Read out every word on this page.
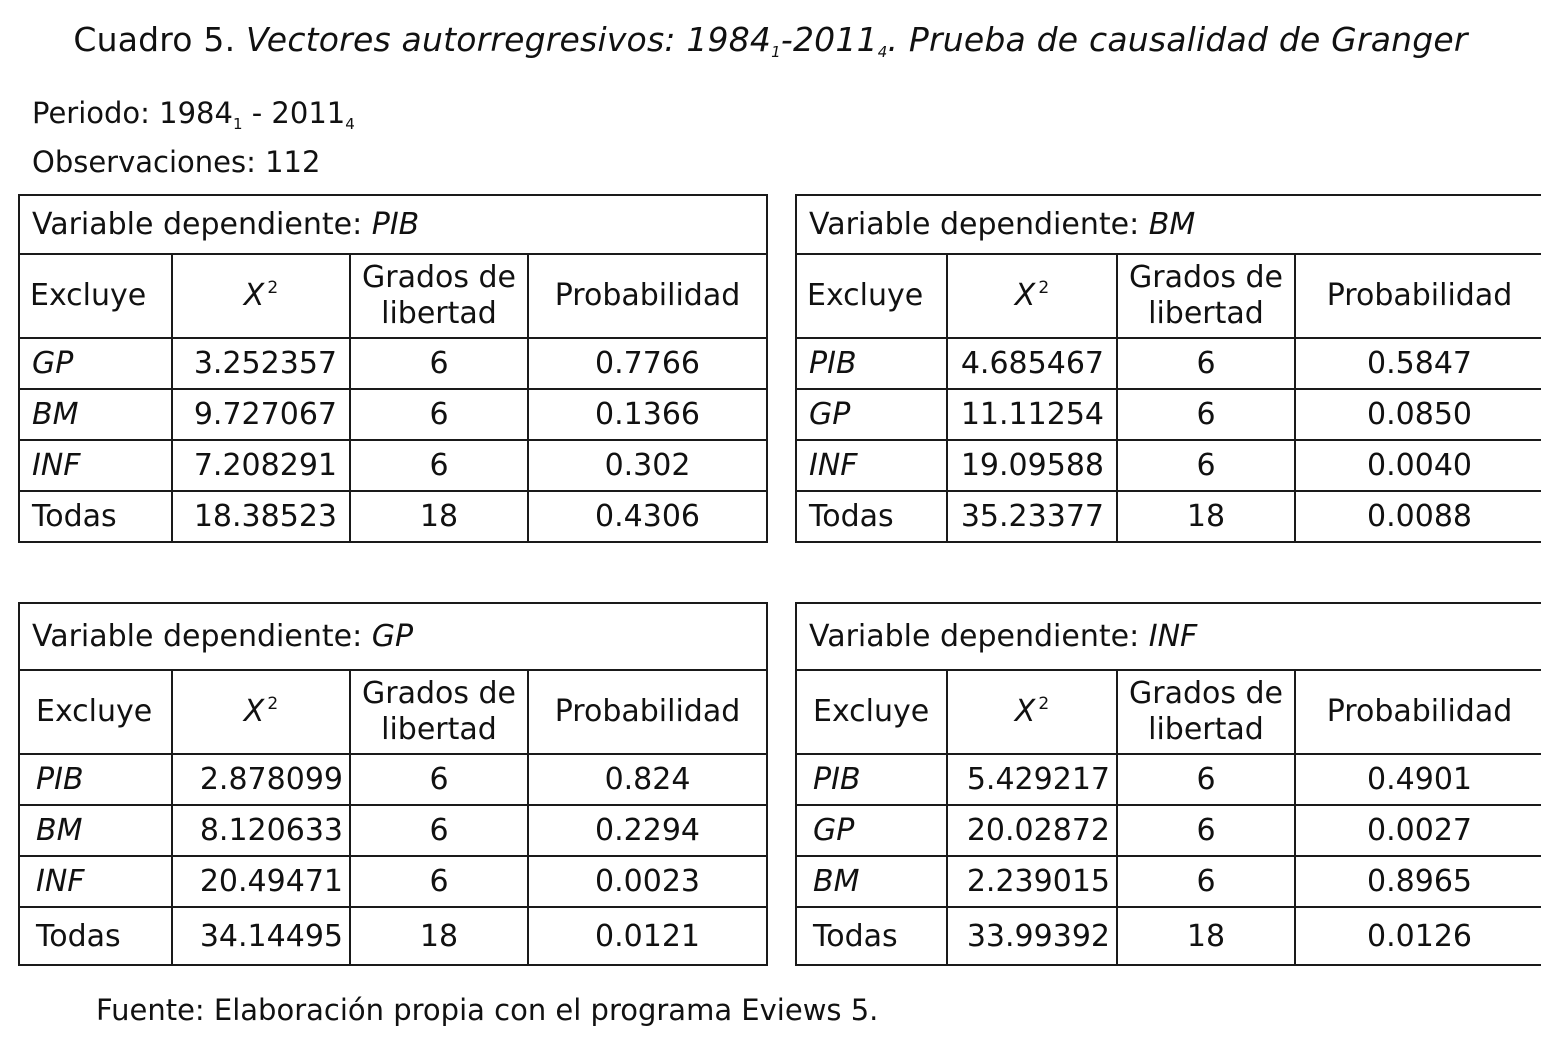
Cuadro 5. Vectores autorregresivos: $1984_1-2011_4$. Prueba de causalidad de Granger
Periodo: $1984_1 - 2011_4$
Observaciones: 112
Variable dependiente: PIB			
Excluye	X $^2$	Grados de libertad	Probabilidad
GP	3.252357	6	0.7766
BM	9.727067	6	0.1366
INF	7.208291	6	0.302
Todas	18.38523	18	0.4306
Variable dependiente: BM			
Excluye	X $^2$	Grados de libertad	Probabilidad
PIB	4.685467	6	0.5847
GP	11.11254	6	0.0850
INF	19.09588	6	0.0040
Todas	35.23377	18	0.0088
Variable dependiente: GP			
Excluye	X $^2$	Grados de libertad	Probabilidad
PIB	2.878099	6	0.824
BM	8.120633	6	0.2294
INF	20.49471	6	0.0023
Todas	34.14495	18	0.0121
Variable dependiente: INF			
Excluye	X $^2$	Grados de libertad	Probabilidad
PIB	5.429217	6	0.4901
GP	20.02872	6	0.0027
BM	2.239015	6	0.8965
Todas	33.99392	18	0.0126
Fuente: Elaboración propia con el programa Eviews 5.
